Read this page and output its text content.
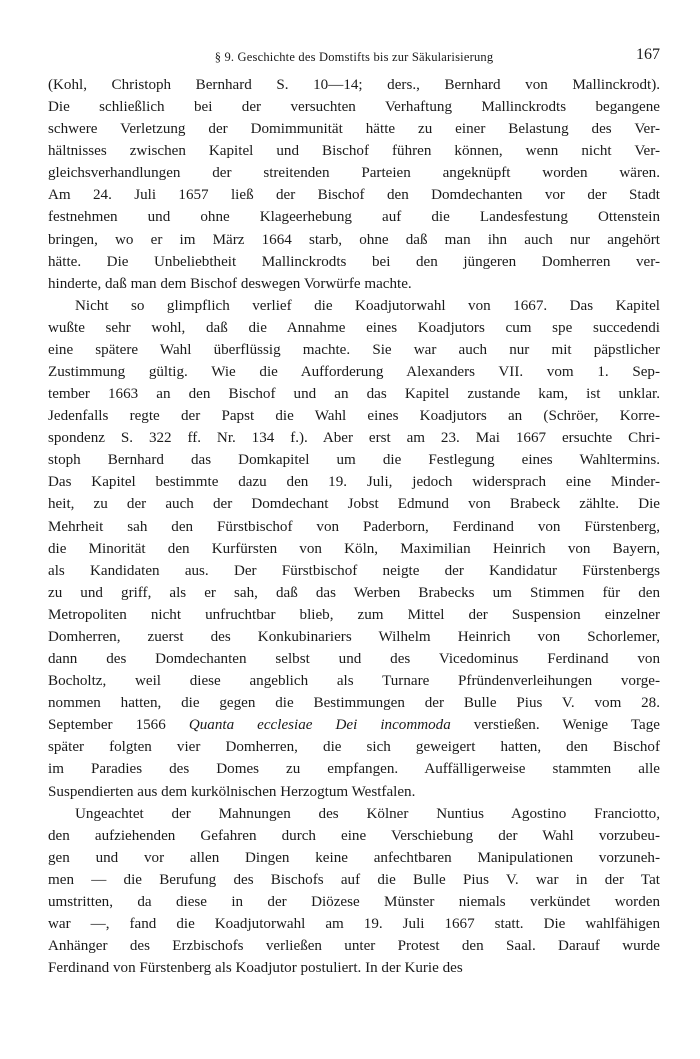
§ 9. Geschichte des Domstifts bis zur Säkularisierung	167

(Kohl, Christoph Bernhard S. 10—14; ders., Bernhard von Mallinckrodt).
Die schließlich bei der versuchten Verhaftung Mallinckrodts begangene
schwere Verletzung der Domimmunität hätte zu einer Belastung des Ver-
hältnisses zwischen Kapitel und Bischof führen können, wenn nicht Ver-
gleichsverhandlungen der streitenden Parteien angeknüpft worden wären.
Am 24. Juli 1657 ließ der Bischof den Domdechanten vor der Stadt
festnehmen und ohne Klageerhebung auf die Landesfestung Ottenstein
bringen, wo er im März 1664 starb, ohne daß man ihn auch nur angehört
hätte. Die Unbeliebtheit Mallinckrodts bei den jüngeren Domherren ver-
hinderte, daß man dem Bischof deswegen Vorwürfe machte.

Nicht so glimpflich verlief die Koadjutorwahl von 1667. Das Kapitel
wußte sehr wohl, daß die Annahme eines Koadjutors cum spe succedendi
eine spätere Wahl überflüssig machte. Sie war auch nur mit päpstlicher
Zustimmung gültig. Wie die Aufforderung Alexanders VII. vom 1. Sep-
tember 1663 an den Bischof und an das Kapitel zustande kam, ist unklar.
Jedenfalls regte der Papst die Wahl eines Koadjutors an (Schröer, Korre-
spondenz S. 322 ff. Nr. 134 f.). Aber erst am 23. Mai 1667 ersuchte Chri-
stoph Bernhard das Domkapitel um die Festlegung eines Wahltermins.
Das Kapitel bestimmte dazu den 19. Juli, jedoch widersprach eine Minder-
heit, zu der auch der Domdechant Jobst Edmund von Brabeck zählte. Die
Mehrheit sah den Fürstbischof von Paderborn, Ferdinand von Fürstenberg,
die Minorität den Kurfürsten von Köln, Maximilian Heinrich von Bayern,
als Kandidaten aus. Der Fürstbischof neigte der Kandidatur Fürstenbergs
zu und griff, als er sah, daß das Werben Brabecks um Stimmen für den
Metropoliten nicht unfruchtbar blieb, zum Mittel der Suspension einzelner
Domherren, zuerst des Konkubinariers Wilhelm Heinrich von Schorlemer,
dann des Domdechanten selbst und des Vicedominus Ferdinand von
Bocholtz, weil diese angeblich als Turnare Pfründenverleihungen vorge-
nommen hatten, die gegen die Bestimmungen der Bulle Pius V. vom 28.
September 1566 Quanta ecclesiae Dei incommoda verstießen. Wenige Tage
später folgten vier Domherren, die sich geweigert hatten, den Bischof
im Paradies des Domes zu empfangen. Auffälligerweise stammten alle
Suspendierten aus dem kurkölnischen Herzogtum Westfalen.

Ungeachtet der Mahnungen des Kölner Nuntius Agostino Franciotto,
den aufziehenden Gefahren durch eine Verschiebung der Wahl vorzubeu-
gen und vor allen Dingen keine anfechtbaren Manipulationen vorzuneh-
men — die Berufung des Bischofs auf die Bulle Pius V. war in der Tat
umstritten, da diese in der Diözese Münster niemals verkündet worden
war —, fand die Koadjutorwahl am 19. Juli 1667 statt. Die wahlfähigen
Anhänger des Erzbischofs verließen unter Protest den Saal. Darauf wurde
Ferdinand von Fürstenberg als Koadjutor postuliert. In der Kurie des
